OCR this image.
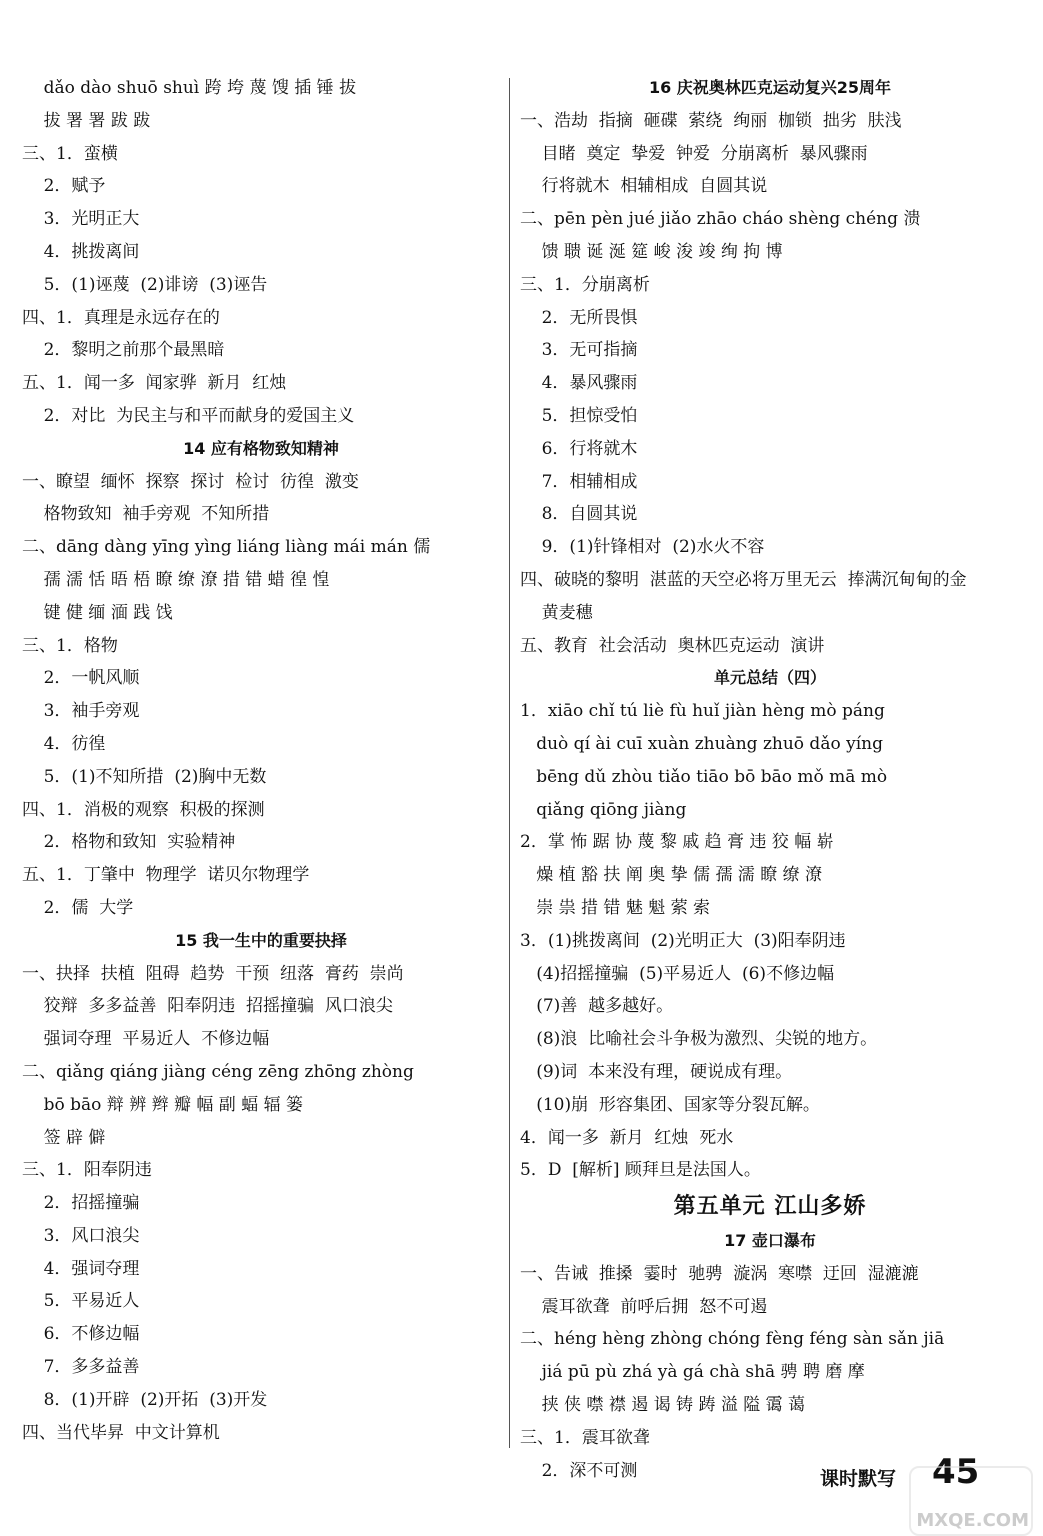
dǎo dào shuō shuì 跨 垮 蔑 馊 插 锤 拔
拔 署 署 跋 跋
三、1．蛮横
2．赋予
3．光明正大
4．挑拨离间
5．(1)诬蔑  (2)诽谤  (3)诬告
四、1．真理是永远存在的
2．黎明之前那个最黑暗
五、1．闻一多  闻家骅  新月  红烛
2．对比  为民主与和平而献身的爱国主义
14 应有格物致知精神
一、瞭望  缅怀  探察  探讨  检讨  彷徨  激变
格物致知  袖手旁观  不知所措
二、dāng dàng yīng yìng liáng liàng mái mán 儒
孺 濡 恬 晤 梧 瞭 缭 潦 措 错 蜡 徨 惶
键 健 缅 湎 践 饯
三、1．格物
2．一帆风顺
3．袖手旁观
4．彷徨
5．(1)不知所措  (2)胸中无数
四、1．消极的观察  积极的探测
2．格物和致知  实验精神
五、1．丁肇中  物理学  诺贝尔物理学
2．儒  大学
15 我一生中的重要抉择
一、抉择  扶植  阻碍  趋势  干预  纽落  膏药  崇尚
狡辩  多多益善  阳奉阴违  招摇撞骗  风口浪尖
强词夺理  平易近人  不修边幅
二、qiǎng qiáng jiàng céng zēng zhōng zhòng
bō bāo 辩 辨 辫 瓣 幅 副 蝠 辐 篓
签 辟 僻
三、1．阳奉阴违
2．招摇撞骗
3．风口浪尖
4．强词夺理
5．平易近人
6．不修边幅
7．多多益善
8．(1)开辟  (2)开拓  (3)开发
四、当代毕昇  中文计算机
16 庆祝奥林匹克运动复兴25周年
一、浩劫  指摘  砸碟  萦绕  绚丽  枷锁  拙劣  肤浅
目睹  奠定  挚爱  钟爱  分崩离析  暴风骤雨
行将就木  相辅相成  自圆其说
二、pēn pèn jué jiǎo zhāo cháo shèng chéng 溃
馈 聩 诞 涎 筵 峻 浚 竣 绚 拘 博
三、1．分崩离析
2．无所畏惧
3．无可指摘
4．暴风骤雨
5．担惊受怕
6．行将就木
7．相辅相成
8．自圆其说
9．(1)针锋相对  (2)水火不容
四、破晓的黎明  湛蓝的天空必将万里无云  捧满沉甸甸的金
黄麦穗
五、教育  社会活动  奥林匹克运动  演讲
单元总结（四）
1．xiāo chǐ tú liè fù huǐ jiàn hèng mò páng
duò qí ài cuī xuàn zhuàng zhuō dǎo yíng
bēng dǔ zhòu tiǎo tiāo bō bāo mǒ mā mò
qiǎng qiōng jiàng
2．掌 怖 踞 协 蔑 黎 戚 趋 膏 违 狡 幅 崭
燥 植 豁 扶 阐 奥 挚 儒 孺 濡 瞭 缭 潦
崇 祟 措 错 魅 魁 萦 索
3．(1)挑拨离间  (2)光明正大  (3)阳奉阴违
(4)招摇撞骗  (5)平易近人  (6)不修边幅
(7)善  越多越好。
(8)浪  比喻社会斗争极为激烈、尖锐的地方。
(9)词  本来没有理，硬说成有理。
(10)崩  形容集团、国家等分裂瓦解。
4．闻一多  新月  红烛  死水
5．D  [解析] 顾拜旦是法国人。
第五单元 江山多娇
17 壶口瀑布
一、告诫  推搡  霎时  驰骋  漩涡  寒噤  迂回  湿漉漉
震耳欲聋  前呼后拥  怒不可遏
二、héng hèng zhòng chóng fèng féng sàn sǎn jiā
jiá pū pù zhá yà gá chà shā 骋 聘 磨 摩
挟 侠 噤 襟 遏 谒 铸 踌 溢 隘 霭 蔼
三、1．震耳欲聋
2．深不可测	课时默写 45
MXQE.COM
